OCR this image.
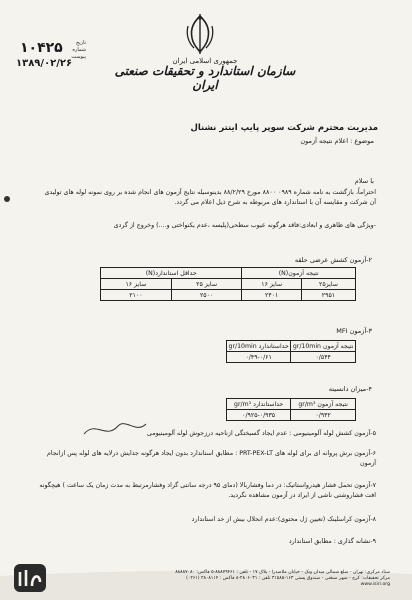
جمهوری اسلامی ایران
سازمان استاندارد و تحقیقات صنعتی ایران
۱۰۴۲۵
۱۳۸۹/۰۲/۲۶
تاریخ
شماره
پیوست
مدیریت محترم شرکت سوپر پایپ اینتر نشنال
موضوع : اعلام نتیجه آزمون
با سلام
احتراماً، بازگشت به نامه شماره ۰۹۸۹ ۸۸۰۰ مورخ ۸۸/۲/۲۹ بدینوسیله نتایج آزمون های انجام شده بر روی نمونه لوله های تولیدی آن شرکت و مقایسه آن با استاندارد های مربوطه به شرح ذیل اعلام می گردد.
-ویژگی های ظاهری و ابعادی:فاقد هرگونه عیوب سطحی(پلیسه ،عدم یکنواختی و....) وخروج از گردی
۲-آزمون کشش عرضی حلقه
نتیجه آزمون(N)		حداقل استاندارد(N)	
سایز۲۵	سایز ۱۶	سایز ۲۵	سایز ۱۶
۲۹۵۱	۲۴۰۱	۲۵۰۰	۲۱۰۰
۳-آزمون MFI
نتیجه آزمون gr/10min	حداستاندارد gr/10min
۰/۵۴۴	۰/۴۹-۰/۶۱
۴-میزان دانسیته
نتیجه آزمون gr/m³	حداستاندارد gr/m³
۰/۹۳۲	۰/۹۲۵-۰/۹۳۵
۵-آزمون کشش لوله آلومینیومی : عدم ایجاد گسیختگی ازناحیه درزجوش لوله آلومینیومی
۶-آزمون برش پروانه ای برای لوله های PRT-PEX-LT : مطابق استاندارد بدون ایجاد هرگونه جدایش درلایه های لوله پس ازانجام آزمون
۷-آزمون تحمل فشار هیدرواستاتیک: در دما وفشاربالا (دمای ۹۵ درجه سانتی گراد وفشارمرتبط به مدت زمان یک ساعت ) هیچگونه افت فشاروشتی ناشی از ایراد در آزمون مشاهده نگردید.
۸-آزمون کراسلینک (تعیین ژل محتوی):عدم انحلال بیش از حد استاندارد
۹-نشانه گذاری : مطابق استاندارد
ستاد مرکزی: تهران - ضلع شمالی میدان ونک - خیابان ملاصدرا - پلاک ۱۷ - تلفن : ۸۸۸۷۹۴۶۱-۵ فاکس: ۸۸۸۸۷۰۸۰
مرکز تحقیقات: کرج - شهر صنعتی - صندوق پستی ۱۶۳-۳۱۵۸۵ تلفن : ۲۸۰۶۰۳۱-۸ فاکس : ۲۸۰۸۱۱۴ (۰۲۶۱)
www.isiri.org
